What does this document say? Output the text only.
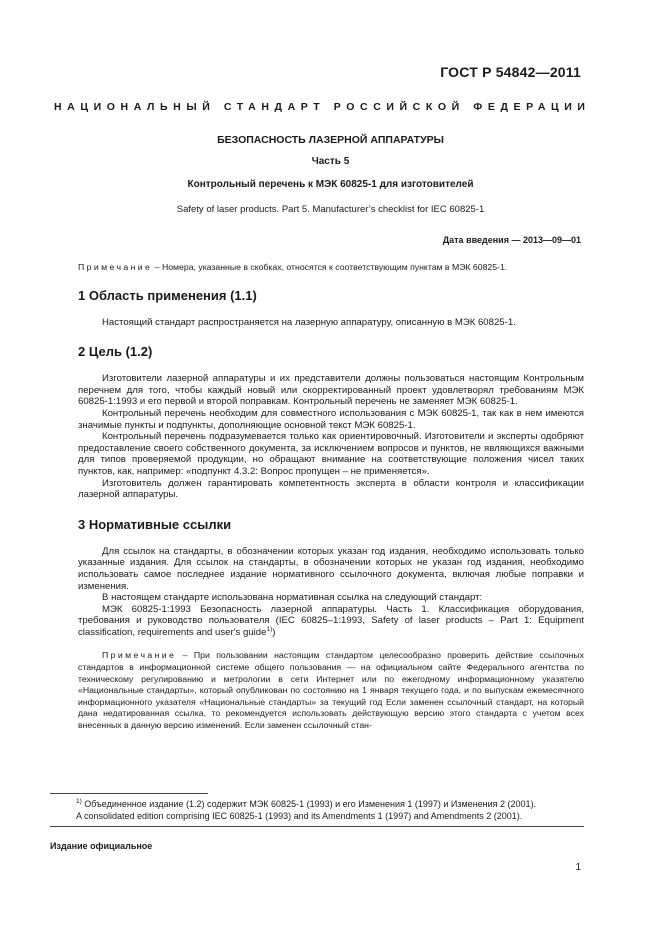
ГОСТ Р 54842—2011
НАЦИОНАЛЬНЫЙ СТАНДАРТ РОССИЙСКОЙ ФЕДЕРАЦИИ

БЕЗОПАСНОСТЬ ЛАЗЕРНОЙ АППАРАТУРЫ

Часть 5

Контрольный перечень к МЭК 60825-1 для изготовителей

Safety of laser products. Part 5. Manufacturer’s checklist for IEC 60825-1

Дата введения — 2013—09—01

Примечание – Номера, указанные в скобках, относятся к соответствующим пунктам в МЭК 60825-1.

1 Область применения (1.1)

Настоящий стандарт распространяется на лазерную аппаратуру, описанную в МЭК 60825-1.

2 Цель (1.2)

Изготовители лазерной аппаратуры и их представители должны пользоваться настоящим Контрольным перечнем для того, чтобы каждый новый или скорректированный проект удовлетворял требованиям МЭК 60825-1:1993 и его первой и второй поправкам. Контрольный перечень не заменяет МЭК 60825-1.

Контрольный перечень необходим для совместного использования с МЭК 60825-1, так как в нем имеются значимые пункты и подпункты, дополняющие основной текст МЭК 60825-1.

Контрольный перечень подразумевается только как ориентировочный. Изготовители и эксперты одобряют предоставление своего собственного документа, за исключением вопросов и пунктов, не являющихся важными для типов проверяемой продукции, но обращают внимание на соответствующие положения чисел таких пунктов, как, например: «подпункт 4.3.2: Вопрос пропущен – не применяется».

Изготовитель должен гарантировать компетентность эксперта в области контроля и классификации лазерной аппаратуры.

3 Нормативные ссылки

Для ссылок на стандарты, в обозначении которых указан год издания, необходимо использовать только указанные издания. Для ссылок на стандарты, в обозначении которых не указан год издания, необходимо использовать самое последнее издание нормативного ссылочного документа, включая любые поправки и изменения.

В настоящем стандарте использована нормативная ссылка на следующий стандарт:

МЭК 60825-1:1993 Безопасность лазерной аппаратуры. Часть 1. Классификация оборудования, требования и руководство пользователя (IEC 60825–1:1993, Safety of laser products – Part 1: Equipment classification, requirements and user's guide$^{1)}$)

Примечание – При пользовании настоящим стандартом целесообразно проверить действие ссылочных стандартов в информационной системе общего пользования — на официальном сайте Федерального агентства по техническому регулированию и метрологии в сети Интернет или по ежегодному информационному указателю «Национальные стандарты», который опубликован по состоянию на 1 января текущего года, и по выпускам ежемесячного информационного указателя «Национальные стандарты» за текущий год Если заменен ссылочный стандарт, на который дана недатированная ссылка, то рекомендуется использовать действующую версию этого стандарта с учетом всех внесенных в данную версию изменений. Если заменен ссылочный стан-

$^{1)}$ Объединенное издание (1.2) содержит МЭК 60825-1 (1993) и его Изменения 1 (1997) и Изменения 2 (2001).

A consolidated edition comprising IEC 60825-1 (1993) and its Amendments 1 (1997) and Amendments 2 (2001).

Издание официальное
1
